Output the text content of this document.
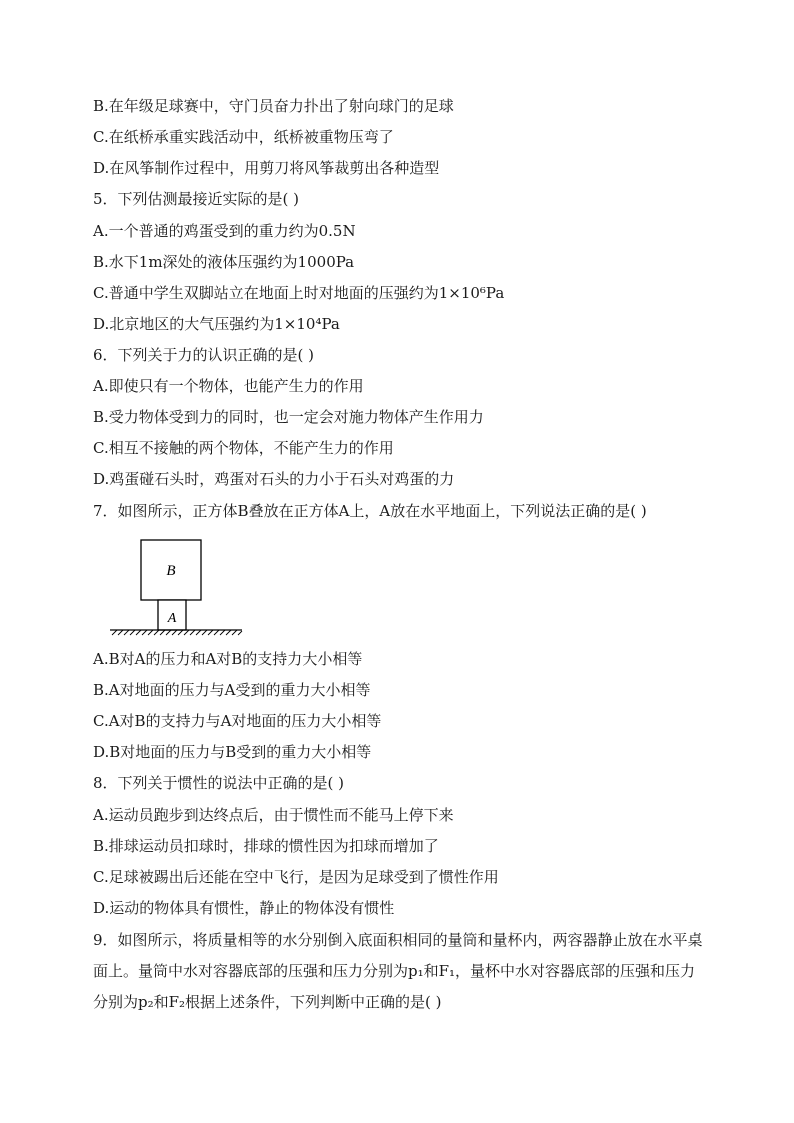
B.在年级足球赛中，守门员奋力扑出了射向球门的足球
C.在纸桥承重实践活动中，纸桥被重物压弯了
D.在风筝制作过程中，用剪刀将风筝裁剪出各种造型
5．下列估测最接近实际的是( )
A.一个普通的鸡蛋受到的重力约为0.5N
B.水下1m深处的液体压强约为1000Pa
C.普通中学生双脚站立在地面上时对地面的压强约为1×10⁶Pa
D.北京地区的大气压强约为1×10⁴Pa
6．下列关于力的认识正确的是( )
A.即使只有一个物体，也能产生力的作用
B.受力物体受到力的同时，也一定会对施力物体产生作用力
C.相互不接触的两个物体，不能产生力的作用
D.鸡蛋碰石头时，鸡蛋对石头的力小于石头对鸡蛋的力
7．如图所示，正方体B叠放在正方体A上，A放在水平地面上，下列说法正确的是( )
B
A
A.B对A的压力和A对B的支持力大小相等
B.A对地面的压力与A受到的重力大小相等
C.A对B的支持力与A对地面的压力大小相等
D.B对地面的压力与B受到的重力大小相等
8．下列关于惯性的说法中正确的是( )
A.运动员跑步到达终点后，由于惯性而不能马上停下来
B.排球运动员扣球时，排球的惯性因为扣球而增加了
C.足球被踢出后还能在空中飞行，是因为足球受到了惯性作用
D.运动的物体具有惯性，静止的物体没有惯性
9．如图所示，将质量相等的水分别倒入底面积相同的量筒和量杯内，两容器静止放在水平桌面上。量筒中水对容器底部的压强和压力分别为p₁和F₁，量杯中水对容器底部的压强和压力分别为p₂和F₂根据上述条件，下列判断中正确的是( )
